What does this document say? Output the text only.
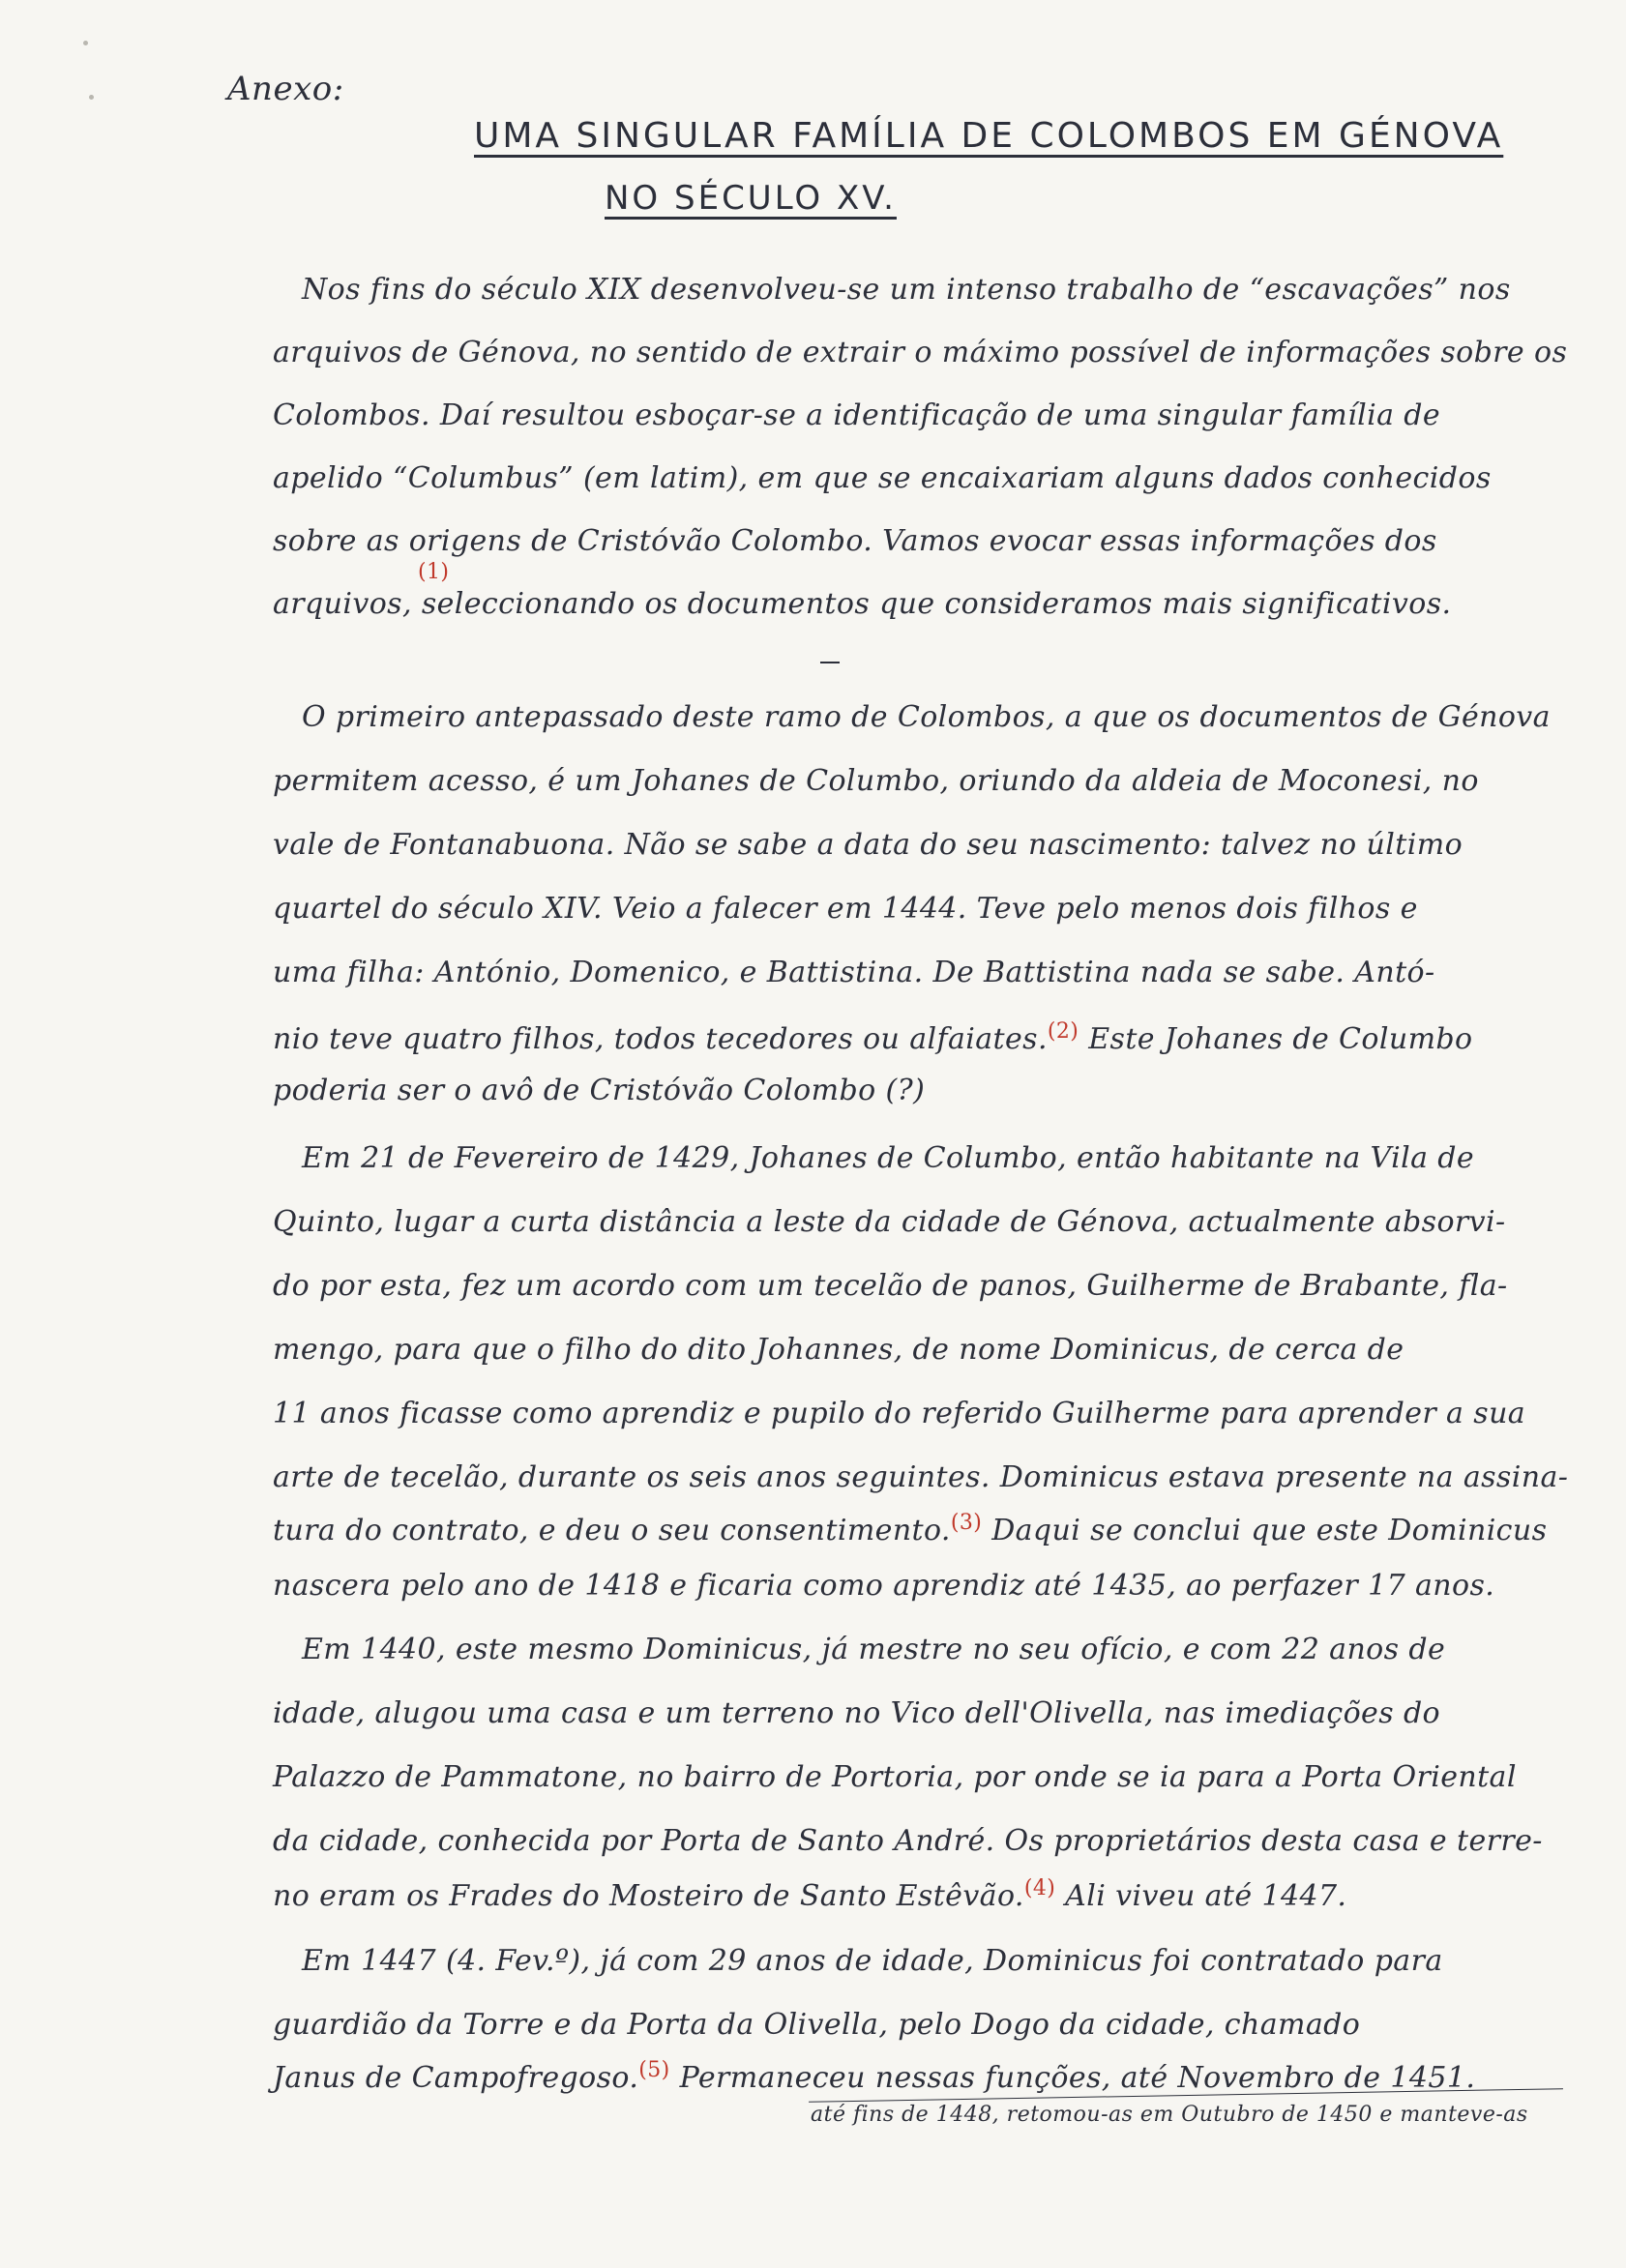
Anexo:
UMA SINGULAR FAMÍLIA DE COLOMBOS EM GÉNOVA
NO SÉCULO XV.
Nos fins do século XIX desenvolveu-se um intenso trabalho de “escavações” nos
arquivos de Génova, no sentido de extrair o máximo possível de informações sobre os
Colombos. Daí resultou esboçar-se a identificação de uma singular família de
apelido “Columbus” (em latim), em que se encaixariam alguns dados conhecidos
sobre as origens de Cristóvão Colombo. Vamos evocar essas informações dos
(1)
arquivos, seleccionando os documentos que consideramos mais significativos.
O primeiro antepassado deste ramo de Colombos, a que os documentos de Génova
permitem acesso, é um Johanes de Columbo, oriundo da aldeia de Moconesi, no
vale de Fontanabuona. Não se sabe a data do seu nascimento: talvez no último
quartel do século XIV. Veio a falecer em 1444. Teve pelo menos dois filhos e
uma filha: António, Domenico, e Battistina. De Battistina nada se sabe. Antó-
nio teve quatro filhos, todos tecedores ou alfaiates.$^{(2)}$ Este Johanes de Columbo
poderia ser o avô de Cristóvão Colombo (?)
Em 21 de Fevereiro de 1429, Johanes de Columbo, então habitante na Vila de
Quinto, lugar a curta distância a leste da cidade de Génova, actualmente absorvi-
do por esta, fez um acordo com um tecelão de panos, Guilherme de Brabante, fla-
mengo, para que o filho do dito Johannes, de nome Dominicus, de cerca de
11 anos ficasse como aprendiz e pupilo do referido Guilherme para aprender a sua
arte de tecelão, durante os seis anos seguintes. Dominicus estava presente na assina-
tura do contrato, e deu o seu consentimento.$^{(3)}$ Daqui se conclui que este Dominicus
nascera pelo ano de 1418 e ficaria como aprendiz até 1435, ao perfazer 17 anos.
Em 1440, este mesmo Dominicus, já mestre no seu ofício, e com 22 anos de
idade, alugou uma casa e um terreno no Vico dell'Olivella, nas imediações do
Palazzo de Pammatone, no bairro de Portoria, por onde se ia para a Porta Oriental
da cidade, conhecida por Porta de Santo André. Os proprietários desta casa e terre-
no eram os Frades do Mosteiro de Santo Estêvão.$^{(4)}$ Ali viveu até 1447.
Em 1447 (4. Fev.º), já com 29 anos de idade, Dominicus foi contratado para
guardião da Torre e da Porta da Olivella, pelo Dogo da cidade, chamado
Janus de Campofregoso.$^{(5)}$ Permaneceu nessas funções, até Novembro de 1451.
até fins de 1448, retomou-as em Outubro de 1450 e manteve-as
